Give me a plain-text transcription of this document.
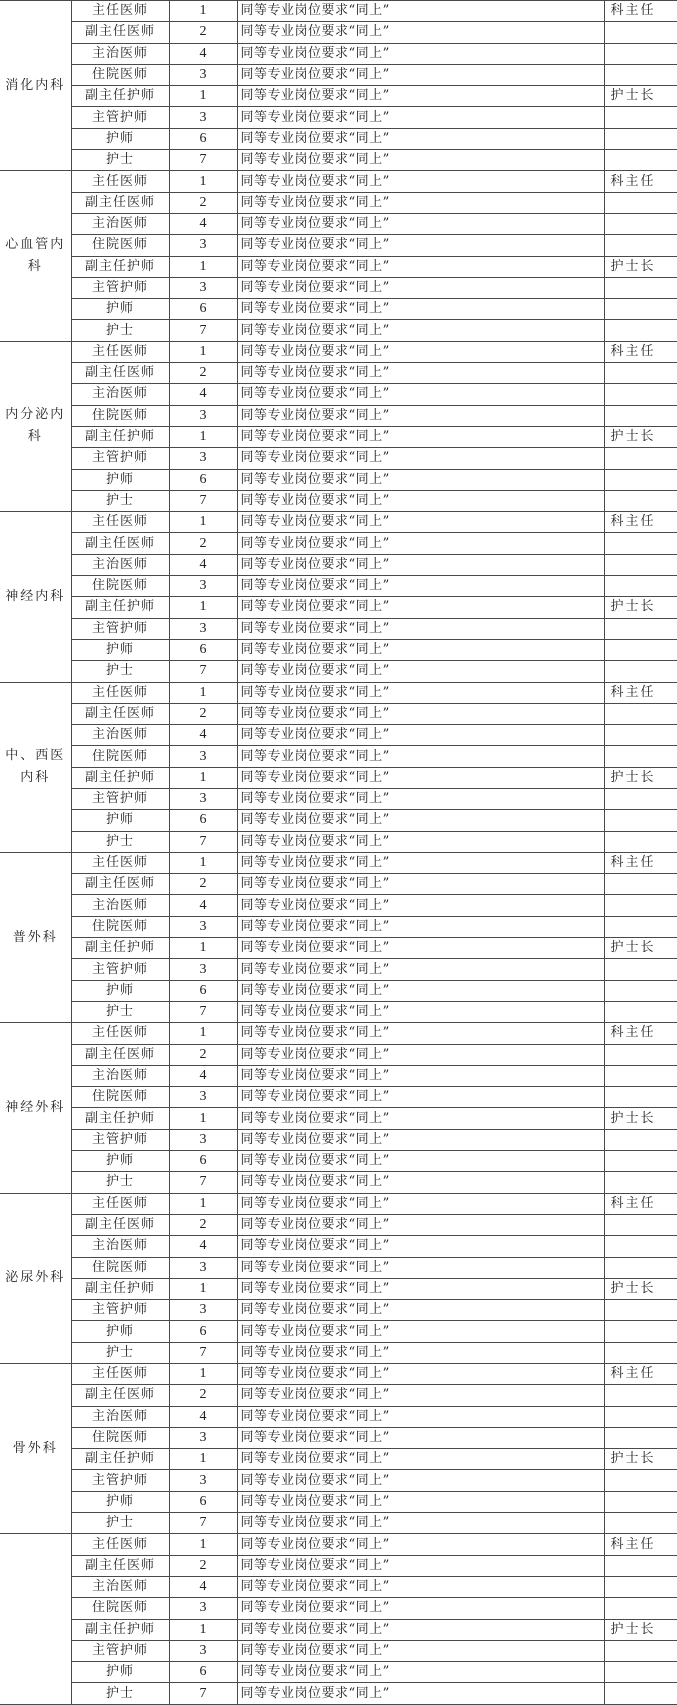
消化内科	主任医师	1	同等专业岗位要求“同上”	科主任
	副主任医师	2	同等专业岗位要求“同上”	
	主治医师	4	同等专业岗位要求“同上”	
	住院医师	3	同等专业岗位要求“同上”	
	副主任护师	1	同等专业岗位要求“同上”	护士长
	主管护师	3	同等专业岗位要求“同上”	
	护师	6	同等专业岗位要求“同上”	
	护士	7	同等专业岗位要求“同上”	
心血管内科	主任医师	1	同等专业岗位要求“同上”	科主任
	副主任医师	2	同等专业岗位要求“同上”	
	主治医师	4	同等专业岗位要求“同上”	
	住院医师	3	同等专业岗位要求“同上”	
	副主任护师	1	同等专业岗位要求“同上”	护士长
	主管护师	3	同等专业岗位要求“同上”	
	护师	6	同等专业岗位要求“同上”	
	护士	7	同等专业岗位要求“同上”	
内分泌内科	主任医师	1	同等专业岗位要求“同上”	科主任
	副主任医师	2	同等专业岗位要求“同上”	
	主治医师	4	同等专业岗位要求“同上”	
	住院医师	3	同等专业岗位要求“同上”	
	副主任护师	1	同等专业岗位要求“同上”	护士长
	主管护师	3	同等专业岗位要求“同上”	
	护师	6	同等专业岗位要求“同上”	
	护士	7	同等专业岗位要求“同上”	
神经内科	主任医师	1	同等专业岗位要求“同上”	科主任
	副主任医师	2	同等专业岗位要求“同上”	
	主治医师	4	同等专业岗位要求“同上”	
	住院医师	3	同等专业岗位要求“同上”	
	副主任护师	1	同等专业岗位要求“同上”	护士长
	主管护师	3	同等专业岗位要求“同上”	
	护师	6	同等专业岗位要求“同上”	
	护士	7	同等专业岗位要求“同上”	
中、西医内科	主任医师	1	同等专业岗位要求“同上”	科主任
	副主任医师	2	同等专业岗位要求“同上”	
	主治医师	4	同等专业岗位要求“同上”	
	住院医师	3	同等专业岗位要求“同上”	
	副主任护师	1	同等专业岗位要求“同上”	护士长
	主管护师	3	同等专业岗位要求“同上”	
	护师	6	同等专业岗位要求“同上”	
	护士	7	同等专业岗位要求“同上”	
普外科	主任医师	1	同等专业岗位要求“同上”	科主任
	副主任医师	2	同等专业岗位要求“同上”	
	主治医师	4	同等专业岗位要求“同上”	
	住院医师	3	同等专业岗位要求“同上”	
	副主任护师	1	同等专业岗位要求“同上”	护士长
	主管护师	3	同等专业岗位要求“同上”	
	护师	6	同等专业岗位要求“同上”	
	护士	7	同等专业岗位要求“同上”	
神经外科	主任医师	1	同等专业岗位要求“同上”	科主任
	副主任医师	2	同等专业岗位要求“同上”	
	主治医师	4	同等专业岗位要求“同上”	
	住院医师	3	同等专业岗位要求“同上”	
	副主任护师	1	同等专业岗位要求“同上”	护士长
	主管护师	3	同等专业岗位要求“同上”	
	护师	6	同等专业岗位要求“同上”	
	护士	7	同等专业岗位要求“同上”	
泌尿外科	主任医师	1	同等专业岗位要求“同上”	科主任
	副主任医师	2	同等专业岗位要求“同上”	
	主治医师	4	同等专业岗位要求“同上”	
	住院医师	3	同等专业岗位要求“同上”	
	副主任护师	1	同等专业岗位要求“同上”	护士长
	主管护师	3	同等专业岗位要求“同上”	
	护师	6	同等专业岗位要求“同上”	
	护士	7	同等专业岗位要求“同上”	
骨外科	主任医师	1	同等专业岗位要求“同上”	科主任
	副主任医师	2	同等专业岗位要求“同上”	
	主治医师	4	同等专业岗位要求“同上”	
	住院医师	3	同等专业岗位要求“同上”	
	副主任护师	1	同等专业岗位要求“同上”	护士长
	主管护师	3	同等专业岗位要求“同上”	
	护师	6	同等专业岗位要求“同上”	
	护士	7	同等专业岗位要求“同上”	
	主任医师	1	同等专业岗位要求“同上”	科主任
	副主任医师	2	同等专业岗位要求“同上”	
	主治医师	4	同等专业岗位要求“同上”	
	住院医师	3	同等专业岗位要求“同上”	
	副主任护师	1	同等专业岗位要求“同上”	护士长
	主管护师	3	同等专业岗位要求“同上”	
	护师	6	同等专业岗位要求“同上”	
	护士	7	同等专业岗位要求“同上”	
